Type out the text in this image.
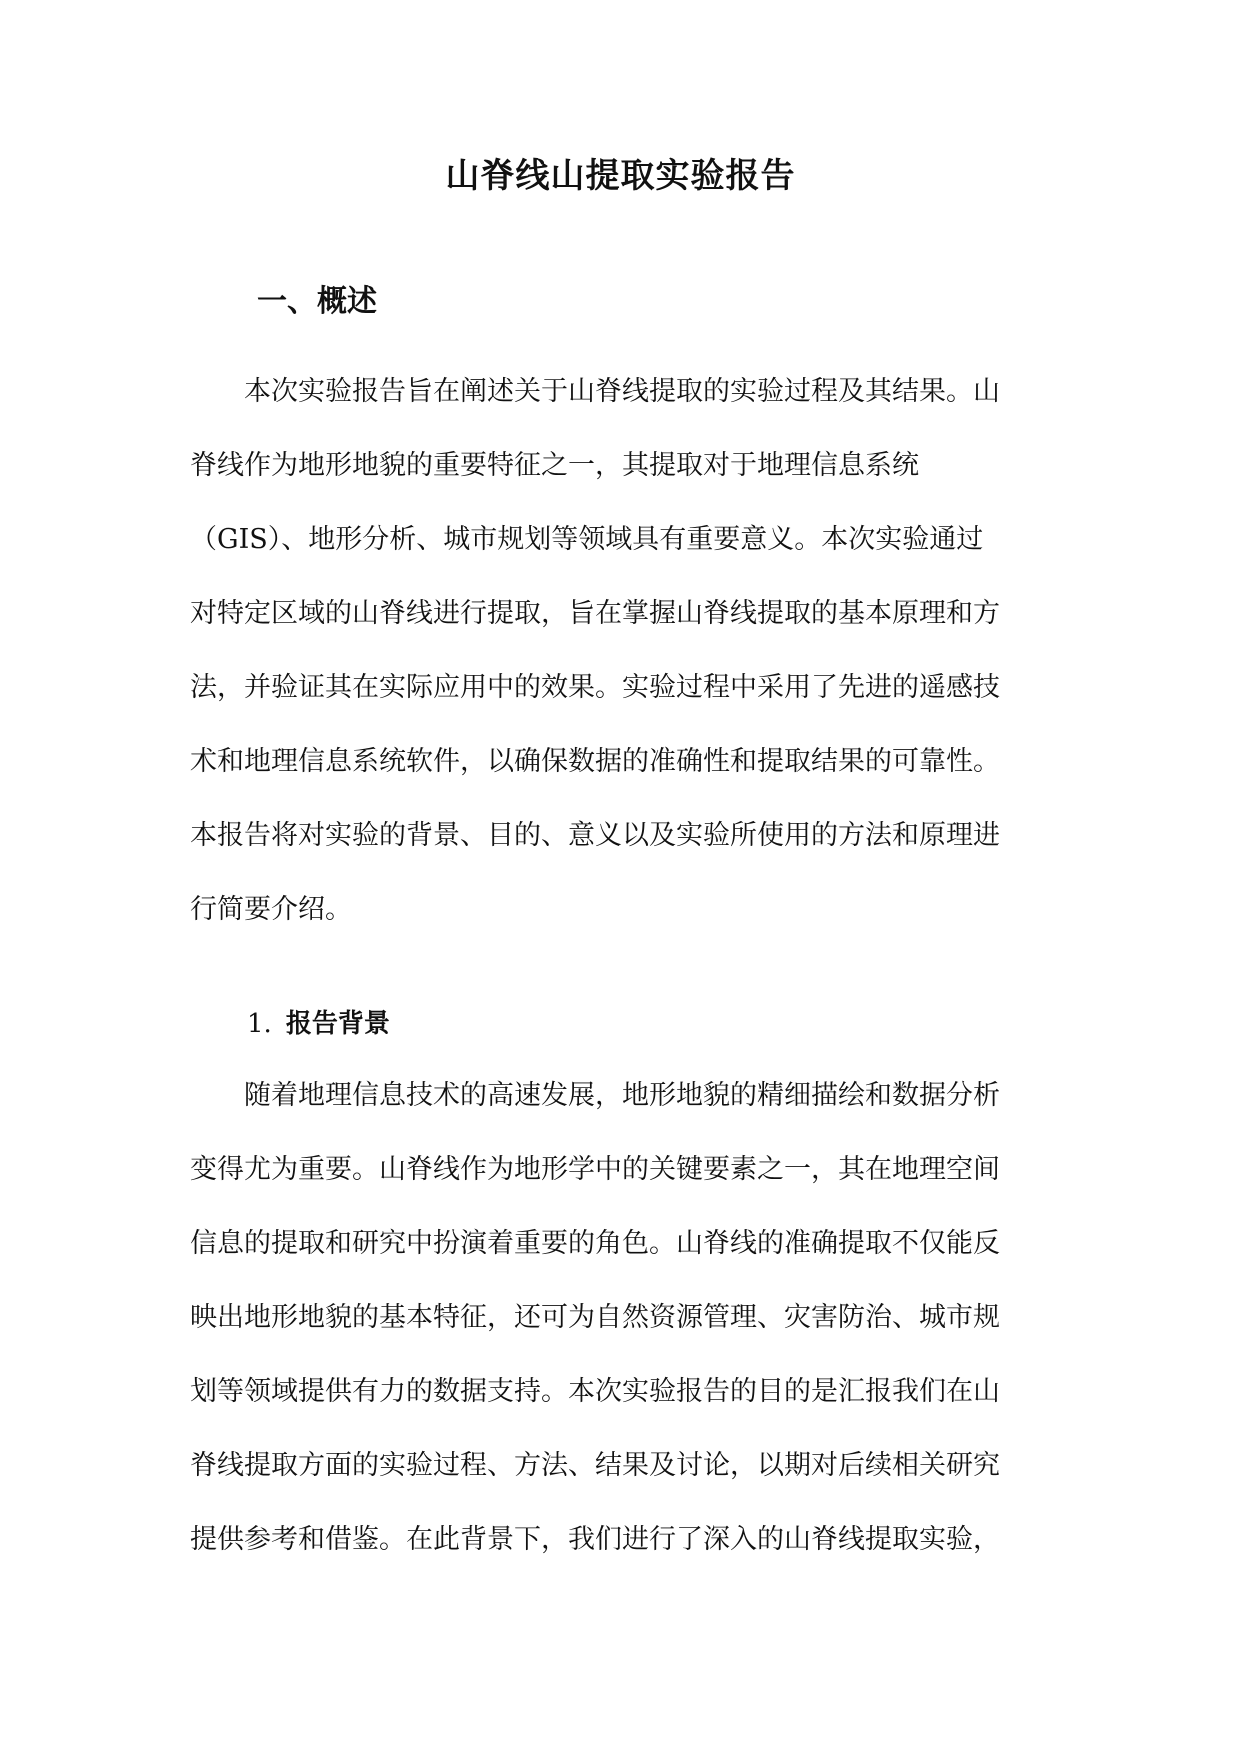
山脊线山提取实验报告
一、概述
　　本次实验报告旨在阐述关于山脊线提取的实验过程及其结果。山
脊线作为地形地貌的重要特征之一，其提取对于地理信息系统
（GIS）、地形分析、城市规划等领域具有重要意义。本次实验通过
对特定区域的山脊线进行提取，旨在掌握山脊线提取的基本原理和方
法，并验证其在实际应用中的效果。实验过程中采用了先进的遥感技
术和地理信息系统软件，以确保数据的准确性和提取结果的可靠性。
本报告将对实验的背景、目的、意义以及实验所使用的方法和原理进
行简要介绍。
1. 报告背景
　　随着地理信息技术的高速发展，地形地貌的精细描绘和数据分析
变得尤为重要。山脊线作为地形学中的关键要素之一，其在地理空间
信息的提取和研究中扮演着重要的角色。山脊线的准确提取不仅能反
映出地形地貌的基本特征，还可为自然资源管理、灾害防治、城市规
划等领域提供有力的数据支持。本次实验报告的目的是汇报我们在山
脊线提取方面的实验过程、方法、结果及讨论，以期对后续相关研究
提供参考和借鉴。在此背景下，我们进行了深入的山脊线提取实验，
